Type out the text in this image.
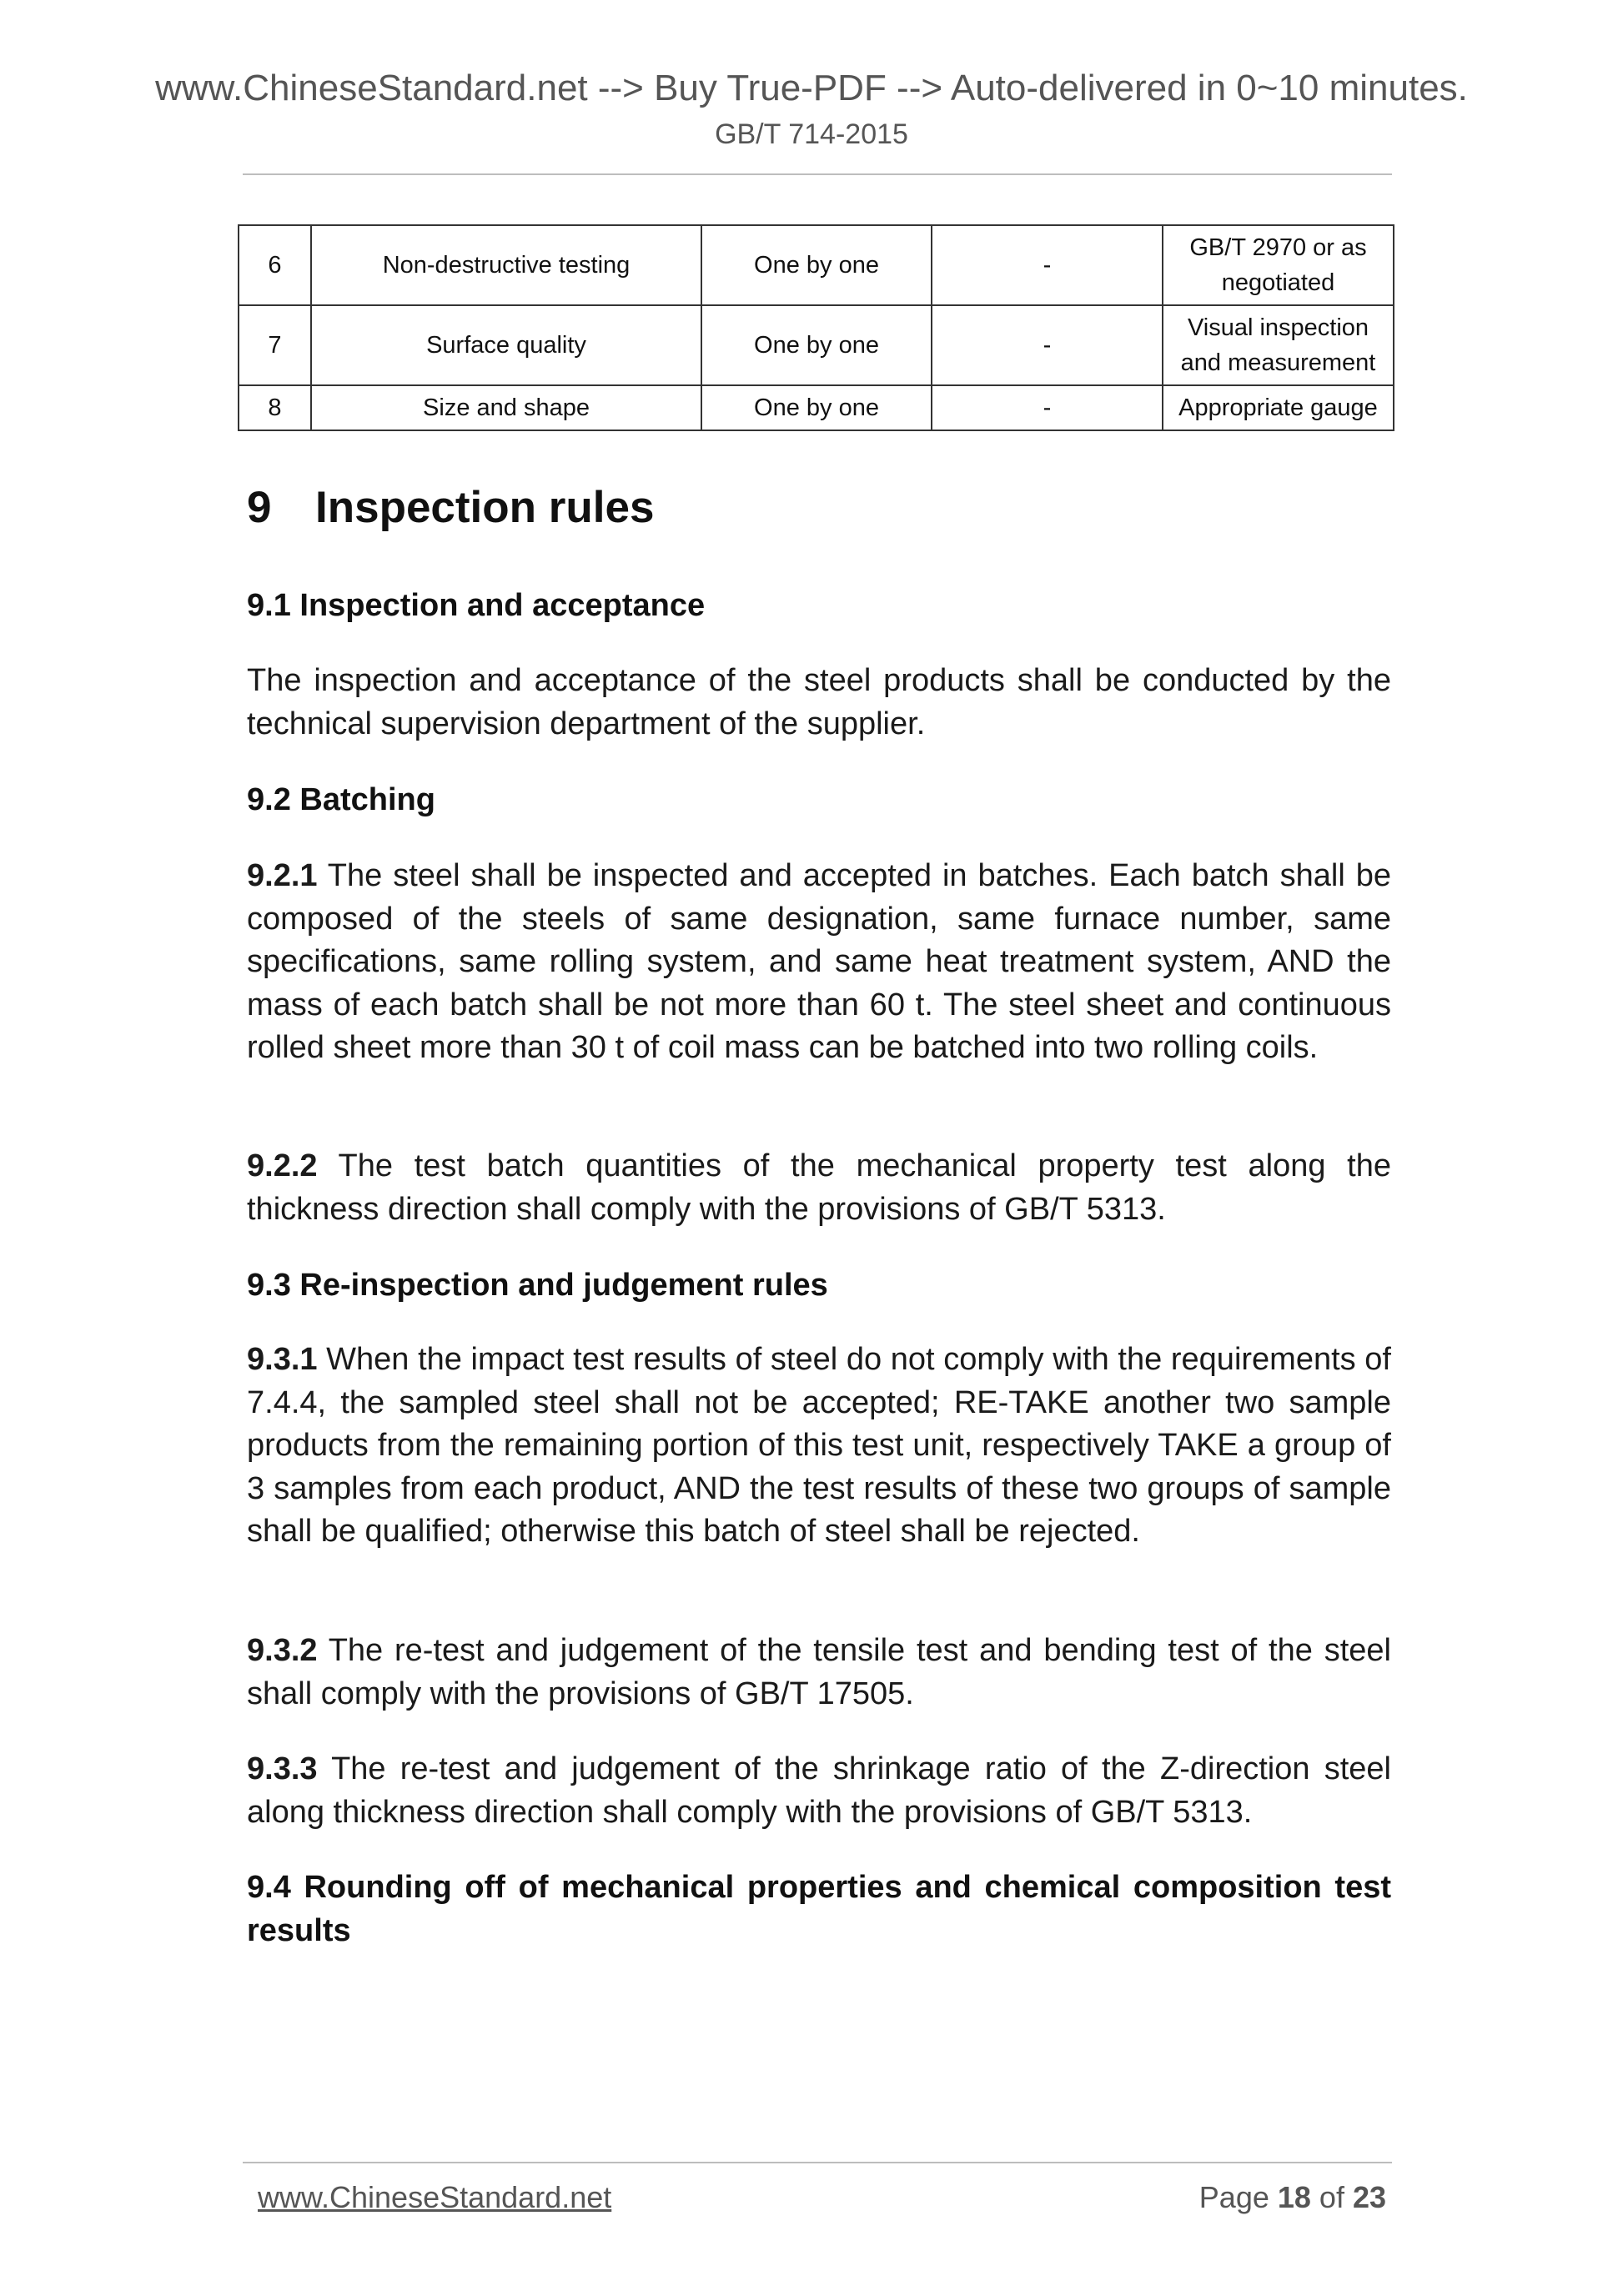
www.ChineseStandard.net --> Buy True-PDF --> Auto-delivered in 0~10 minutes.
GB/T 714-2015
6	Non-destructive testing	One by one	-	GB/T 2970 or as negotiated
7	Surface quality	One by one	-	Visual inspection and measurement
8	Size and shape	One by one	-	Appropriate gauge
9 Inspection rules
9.1 Inspection and acceptance
The inspection and acceptance of the steel products shall be conducted by the technical supervision department of the supplier.
9.2 Batching
9.2.1 The steel shall be inspected and accepted in batches. Each batch shall be composed of the steels of same designation, same furnace number, same specifications, same rolling system, and same heat treatment system, AND the mass of each batch shall be not more than 60 t. The steel sheet and continuous rolled sheet more than 30 t of coil mass can be batched into two rolling coils.
9.2.2 The test batch quantities of the mechanical property test along the thickness direction shall comply with the provisions of GB/T 5313.
9.3 Re-inspection and judgement rules
9.3.1 When the impact test results of steel do not comply with the requirements of 7.4.4, the sampled steel shall not be accepted; RE-TAKE another two sample products from the remaining portion of this test unit, respectively TAKE a group of 3 samples from each product, AND the test results of these two groups of sample shall be qualified; otherwise this batch of steel shall be rejected.
9.3.2 The re-test and judgement of the tensile test and bending test of the steel shall comply with the provisions of GB/T 17505.
9.3.3 The re-test and judgement of the shrinkage ratio of the Z-direction steel along thickness direction shall comply with the provisions of GB/T 5313.
9.4 Rounding off of mechanical properties and chemical composition test results
www.ChineseStandard.net	Page 18 of 23
